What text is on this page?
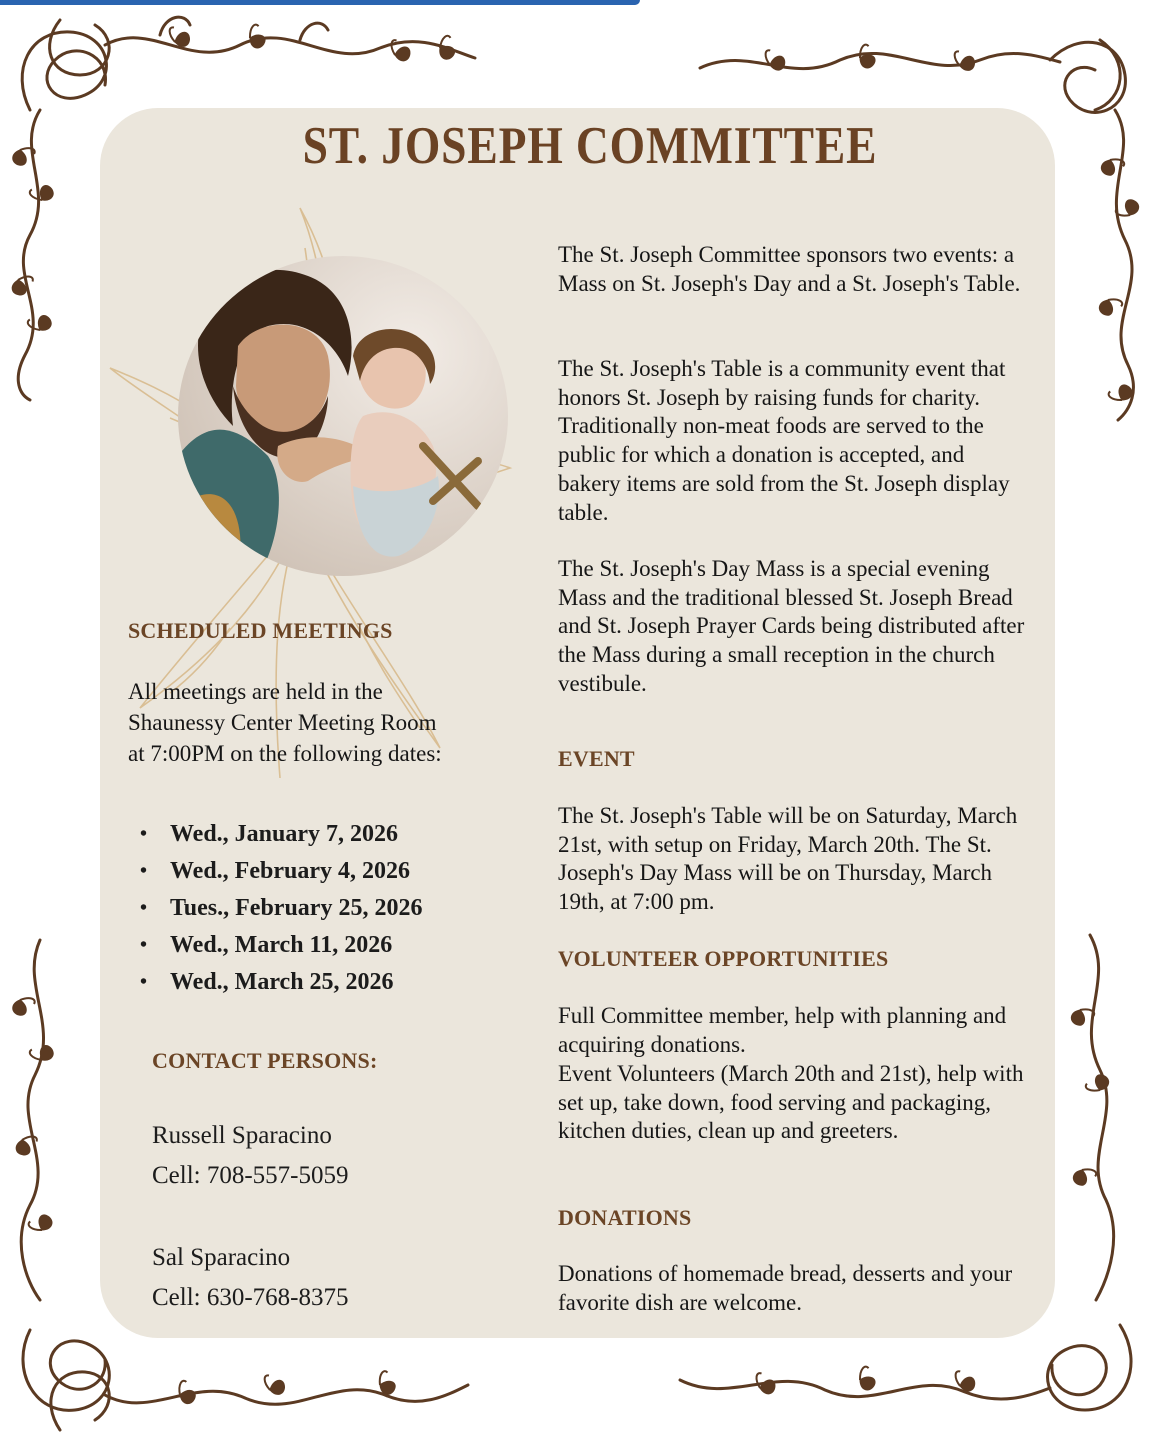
ST. JOSEPH COMMITTEE
SCHEDULED MEETINGS

All meetings are held in the Shaunessy Center Meeting Room at 7:00PM on the following dates:

• Wed., January 7, 2026
• Wed., February 4, 2026
• Tues., February 25, 2026
• Wed., March 11, 2026
• Wed., March 25, 2026
CONTACT PERSONS:
Russell Sparacino
Cell: 708-557-5059
Sal Sparacino
Cell: 630-768-8375

The St. Joseph Committee sponsors two events: a Mass on St. Joseph's Day and a St. Joseph's Table.

The St. Joseph's Table is a community event that honors St. Joseph by raising funds for charity. Traditionally non-meat foods are served to the public for which a donation is accepted, and bakery items are sold from the St. Joseph display table.

The St. Joseph's Day Mass is a special evening Mass and the traditional blessed St. Joseph Bread and St. Joseph Prayer Cards being distributed after the Mass during a small reception in the church vestibule.

EVENT

The St. Joseph's Table will be on Saturday, March 21st, with setup on Friday, March 20th. The St. Joseph's Day Mass will be on Thursday, March 19th, at 7:00 pm.

VOLUNTEER OPPORTUNITIES

Full Committee member, help with planning and acquiring donations.

Event Volunteers (March 20th and 21st), help with set up, take down, food serving and packaging, kitchen duties, clean up and greeters.

DONATIONS

Donations of homemade bread, desserts and your favorite dish are welcome.
